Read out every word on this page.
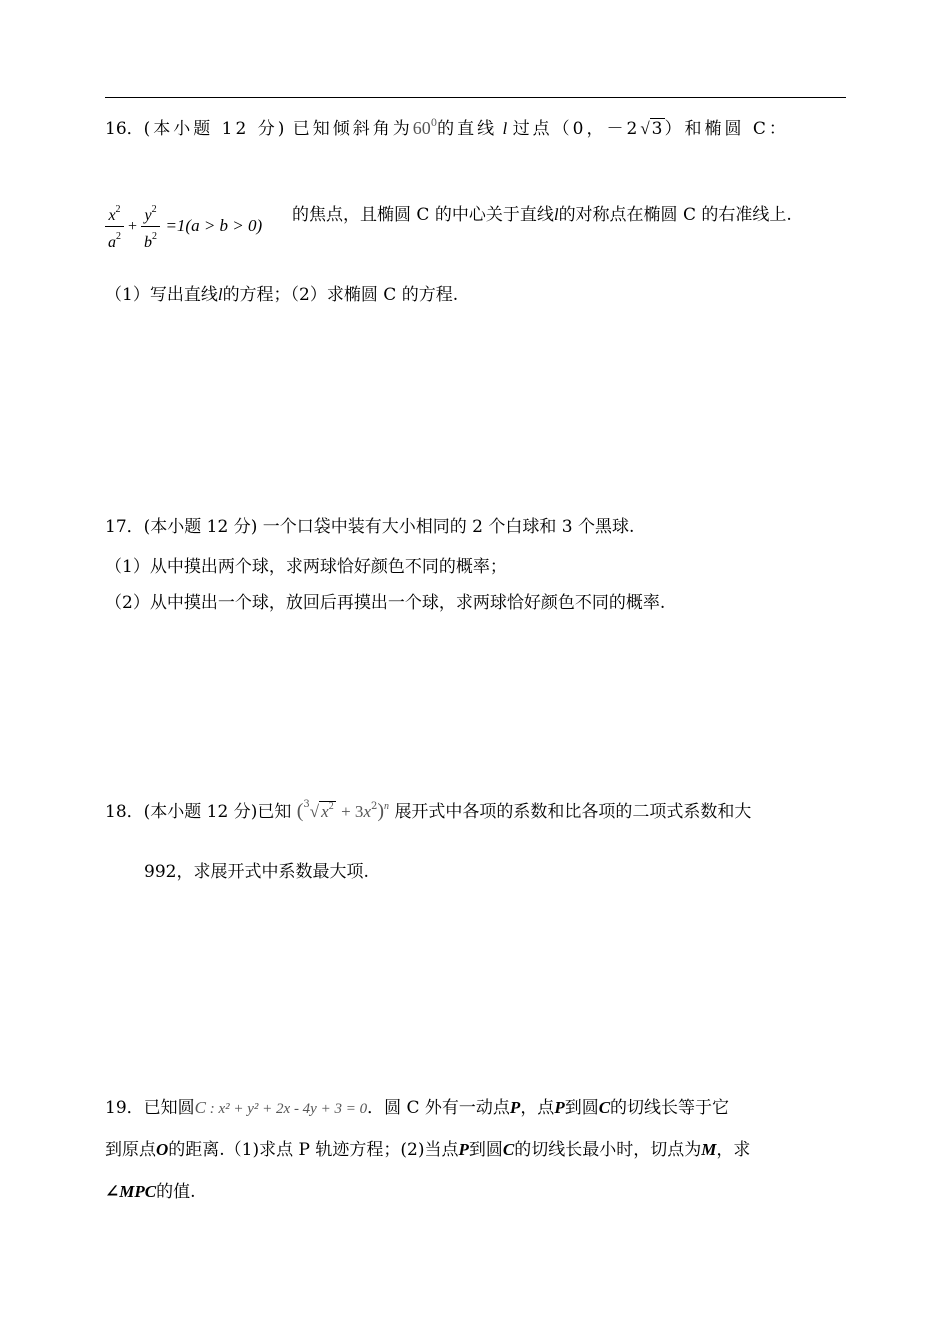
16．(本小题 12 分) 已知倾斜角为$60^0$的直线 l 过点（0，－2√ 3 ）和椭圆 C：
$\frac{x^2}{a^2} + \frac{y^2}{b^2} =1(a > b > 0)$
的焦点，且椭圆 C 的中心关于直线l的对称点在椭圆 C 的右准线上.
（1）写出直线l的方程；（2）求椭圆 C 的方程.
17．(本小题 12 分) 一个口袋中装有大小相同的 2 个白球和 3 个黑球.
（1）从中摸出两个球，求两球恰好颜色不同的概率；
（2）从中摸出一个球，放回后再摸出一个球，求两球恰好颜色不同的概率.
18．(本小题 12 分)已知 ($^3$√ $x^2 + 3x^2)^n$ 展开式中各项的系数和比各项的二项式系数和大
992，求展开式中系数最大项.
19．已知圆C : x² + y² + 2x - 4y + 3 = 0．圆 C 外有一动点P，点P到圆C的切线长等于它
到原点O的距离.（1)求点 P 轨迹方程；(2)当点P到圆C的切线长最小时，切点为M，求
∠MPC的值.
